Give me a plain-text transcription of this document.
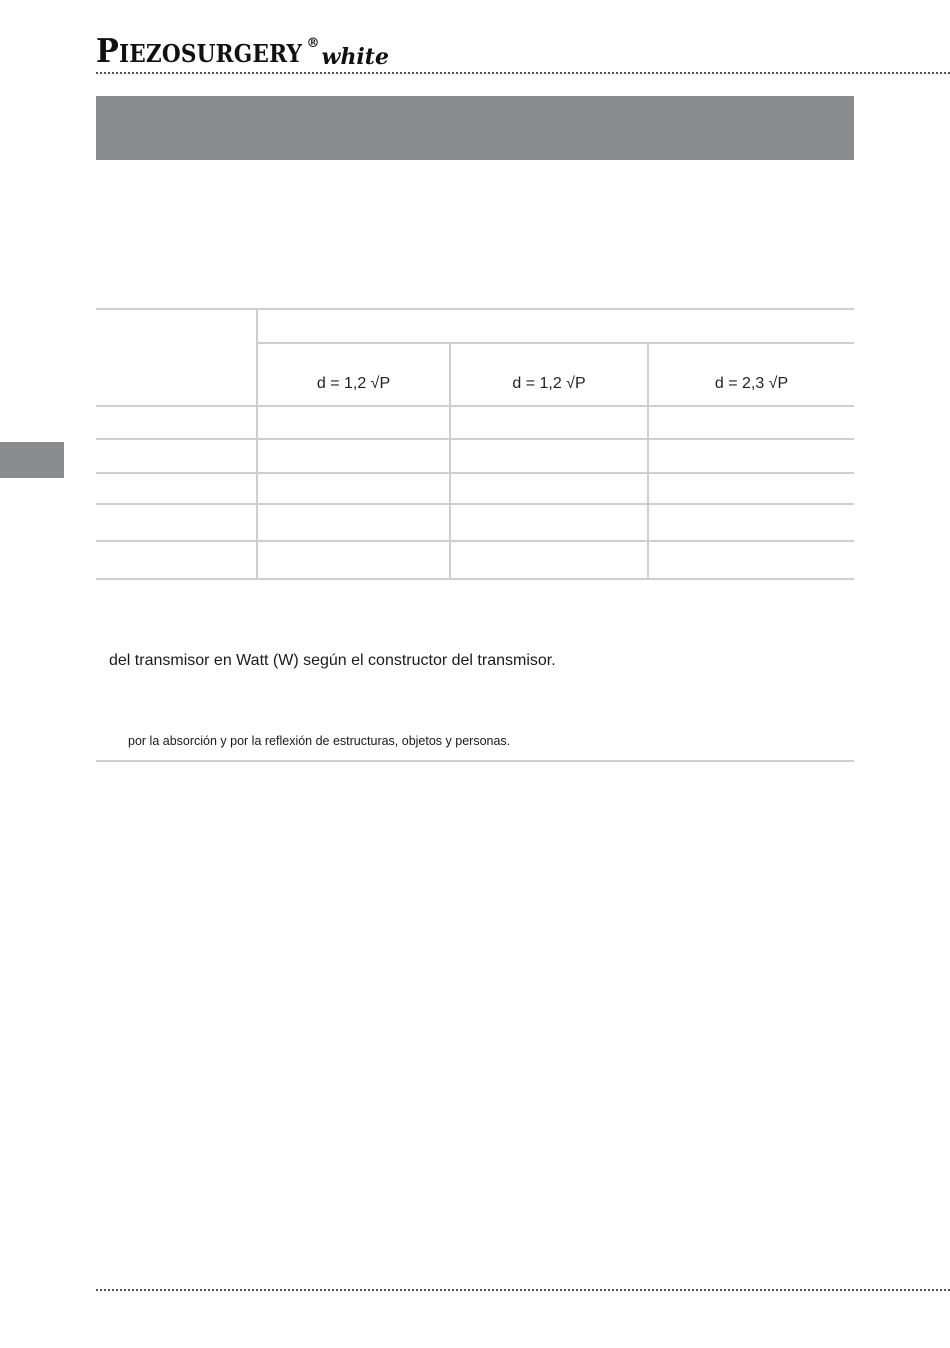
PIEZOSURGERY ®
white
d = 1,2 √P	d = 1,2 √P	d = 2,3 √P
del transmisor en Watt (W) según el constructor del transmisor.
por la absorción y por la reflexión de estructuras, objetos y personas.
